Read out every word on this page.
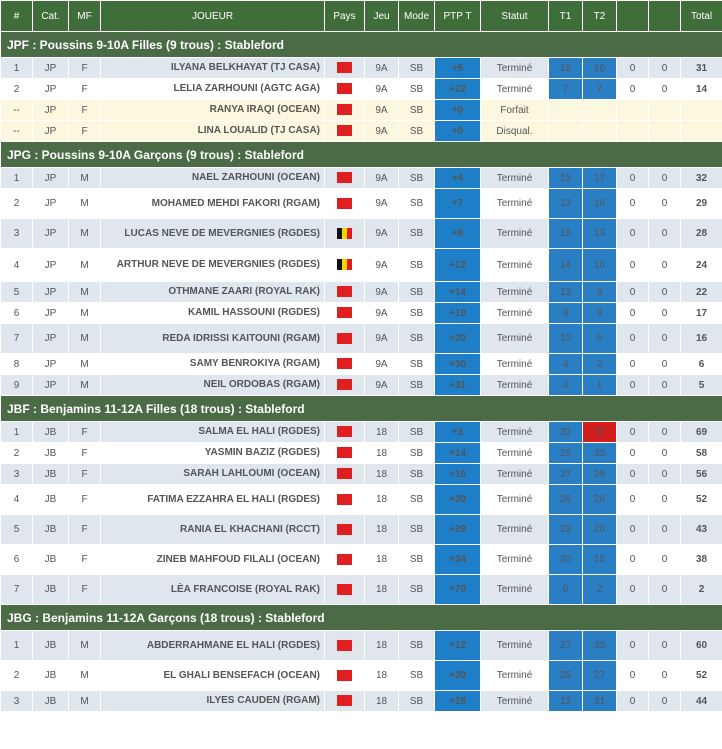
#	Cat.	MF	JOUEUR	Pays	Jeu	Mode	PTP T	Statut	T1	T2			Total
JPF : Poussins 9-10A Filles (9 trous) : Stableford													
1	JP	F	ILYANA BELKHAYAT (TJ CASA)		9A	SB	+5	Terminé	15	16	0	0	31
2	JP	F	LELIA ZARHOUNI (AGTC AGA)		9A	SB	+22	Terminé	7	7	0	0	14
--	JP	F	RANYA IRAQI (OCEAN)		9A	SB	+0	Forfait					
--	JP	F	LINA LOUALID (TJ CASA)		9A	SB	+0	Disqual.					
JPG : Poussins 9-10A Garçons (9 trous) : Stableford													
1	JP	M	NAEL ZARHOUNI (OCEAN)		9A	SB	+4	Terminé	15	17	0	0	32
2	JP	M	MOHAMED MEHDI FAKORI (RGAM)		9A	SB	+7	Terminé	13	16	0	0	29
3	JP	M	LUCAS NEVE DE MEVERGNIES (RGDES)		9A	SB	+8	Terminé	15	13	0	0	28
4	JP	M	ARTHUR NEVE DE MEVERGNIES (RGDES)		9A	SB	+12	Terminé	14	10	0	0	24
5	JP	M	OTHMANE ZAARI (ROYAL RAK)		9A	SB	+14	Terminé	13	9	0	0	22
6	JP	M	KAMIL HASSOUNI (RGDES)		9A	SB	+19	Terminé	8	9	0	0	17
7	JP	M	REDA IDRISSI KAITOUNI (RGAM)		9A	SB	+20	Terminé	10	6	0	0	16
8	JP	M	SAMY BENROKIYA (RGAM)		9A	SB	+30	Terminé	4	2	0	0	6
9	JP	M	NEIL ORDOBAS (RGAM)		9A	SB	+31	Terminé	4	1	0	0	5
JBF : Benjamins 11-12A Filles (18 trous) : Stableford													
1	JB	F	SALMA EL HALI (RGDES)		18	SB	+3	Terminé	32	37	0	0	69
2	JB	F	YASMIN BAZIZ (RGDES)		18	SB	+14	Terminé	25	33	0	0	58
3	JB	F	SARAH LAHLOUMI (OCEAN)		18	SB	+16	Terminé	27	29	0	0	56
4	JB	F	FATIMA EZZAHRA EL HALI (RGDES)		18	SB	+20	Terminé	26	26	0	0	52
5	JB	F	RANIA EL KHACHANI (RCCT)		18	SB	+29	Terminé	23	20	0	0	43
6	JB	F	ZINEB MAHFOUD FILALI (OCEAN)		18	SB	+34	Terminé	20	18	0	0	38
7	JB	F	LÈA FRANCOISE (ROYAL RAK)		18	SB	+70	Terminé	0	2	0	0	2
JBG : Benjamins 11-12A Garçons (18 trous) : Stableford													
1	JB	M	ABDERRAHMANE EL HALI (RGDES)		18	SB	+12	Terminé	27	33	0	0	60
2	JB	M	EL GHALI BENSEFACH (OCEAN)		18	SB	+20	Terminé	25	27	0	0	52
3	JB	M	ILYES CAUDEN (RGAM)		18	SB	+28	Terminé	13	31	0	0	44
